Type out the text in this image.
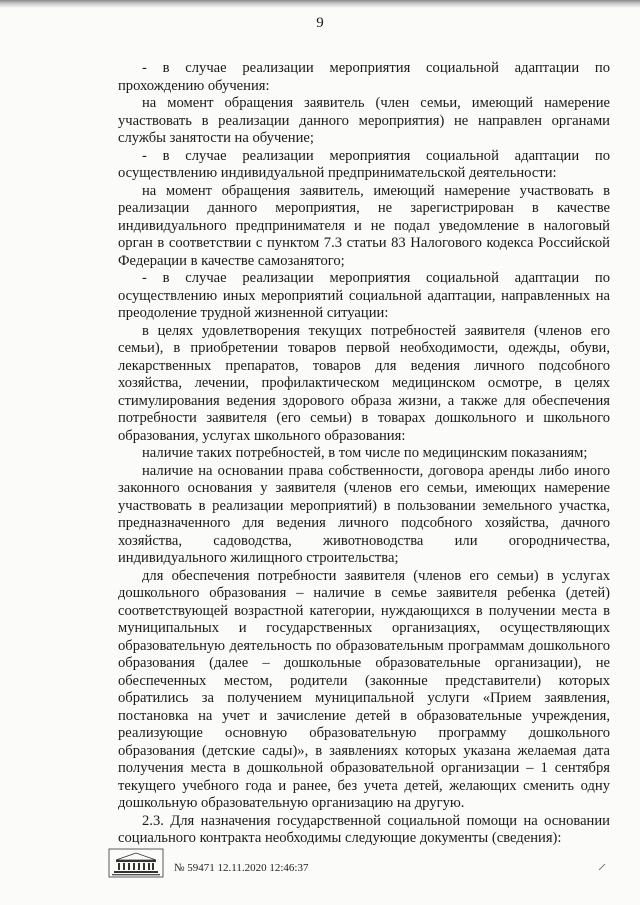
9

- в случае реализации мероприятия социальной адаптации по прохождению обучения:

на момент обращения заявитель (член семьи, имеющий намерение участвовать в реализации данного мероприятия) не направлен органами службы занятости на обучение;

- в случае реализации мероприятия социальной адаптации по осуществлению индивидуальной предпринимательской деятельности:

на момент обращения заявитель, имеющий намерение участвовать в реализации данного мероприятия, не зарегистрирован в качестве индивидуального предпринимателя и не подал уведомление в налоговый орган в соответствии с пунктом 7.3 статьи 83 Налогового кодекса Российской Федерации в качестве самозанятого;

- в случае реализации мероприятия социальной адаптации по осуществлению иных мероприятий социальной адаптации, направленных на преодоление трудной жизненной ситуации:

в целях удовлетворения текущих потребностей заявителя (членов его семьи), в приобретении товаров первой необходимости, одежды, обуви, лекарственных препаратов, товаров для ведения личного подсобного хозяйства, лечении, профилактическом медицинском осмотре, в целях стимулирования ведения здорового образа жизни, а также для обеспечения потребности заявителя (его семьи) в товарах дошкольного и школьного образования, услугах школьного образования:

наличие таких потребностей, в том числе по медицинским показаниям;

наличие на основании права собственности, договора аренды либо иного законного основания у заявителя (членов его семьи, имеющих намерение участвовать в реализации мероприятий) в пользовании земельного участка, предназначенного для ведения личного подсобного хозяйства, дачного хозяйства, садоводства, животноводства или огородничества, индивидуального жилищного строительства;

для обеспечения потребности заявителя (членов его семьи) в услугах дошкольного образования – наличие в семье заявителя ребенка (детей) соответствующей возрастной категории, нуждающихся в получении места в муниципальных и государственных организациях, осуществляющих образовательную деятельность по образовательным программам дошкольного образования (далее – дошкольные образовательные организации), не обеспеченных местом, родители (законные представители) которых обратились за получением муниципальной услуги «Прием заявления, постановка на учет и зачисление детей в образовательные учреждения, реализующие основную образовательную программу дошкольного образования (детские сады)», в заявлениях которых указана желаемая дата получения места в дошкольной образовательной организации – 1 сентября текущего учебного года и ранее, без учета детей, желающих сменить одну дошкольную образовательную организацию на другую.

2.3. Для назначения государственной социальной помощи на основании социального контракта необходимы следующие документы (сведения):

№ 59471 12.11.2020 12:46:37
